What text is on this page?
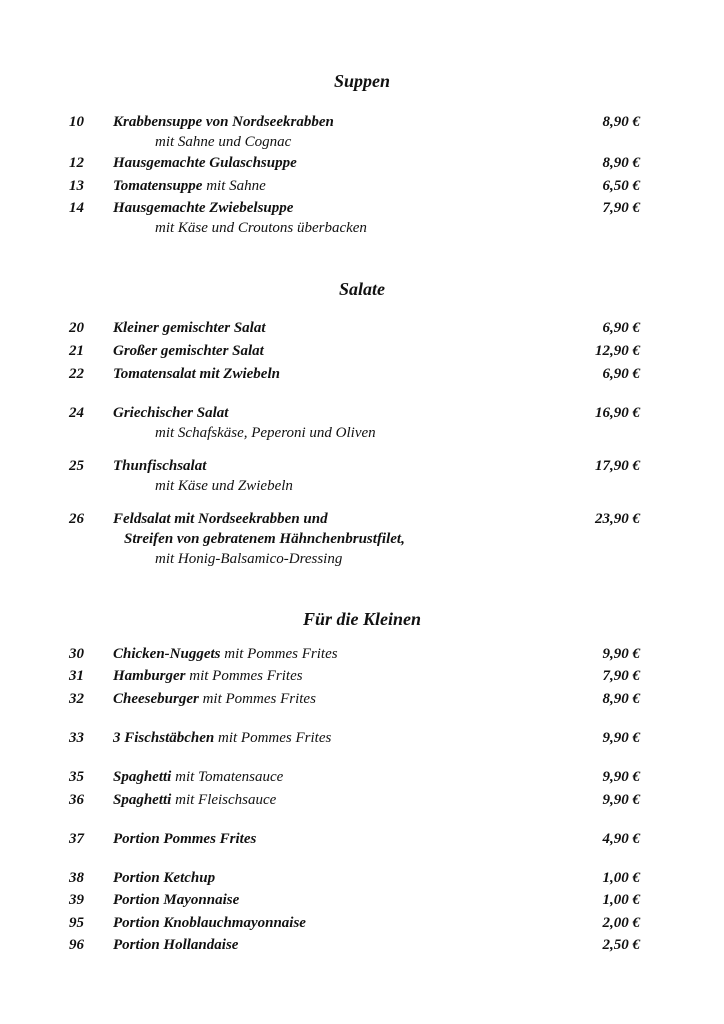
Suppen
10 Krabbensuppe von Nordseekrabben	8,90 €
mit Sahne und Cognac
12 Hausgemachte Gulaschsuppe	8,90 €
13 Tomatensuppe mit Sahne	6,50 €
14 Hausgemachte Zwiebelsuppe	7,90 €
mit Käse und Croutons überbacken
Salate
20 Kleiner gemischter Salat	6,90 €
21 Großer gemischter Salat	12,90 €
22 Tomatensalat mit Zwiebeln	6,90 €
24 Griechischer Salat	16,90 €
mit Schafskäse, Peperoni und Oliven
25 Thunfischsalat	17,90 €
mit Käse und Zwiebeln
26 Feldsalat mit Nordseekrabben und	23,90 €
Streifen von gebratenem Hähnchenbrustfilet,
mit Honig-Balsamico-Dressing
Für die Kleinen
30 Chicken-Nuggets mit Pommes Frites	9,90 €
31 Hamburger mit Pommes Frites	7,90 €
32 Cheeseburger mit Pommes Frites	8,90 €
33 3 Fischstäbchen mit Pommes Frites	9,90 €
35 Spaghetti mit Tomatensauce	9,90 €
36 Spaghetti mit Fleischsauce	9,90 €
37 Portion Pommes Frites	4,90 €
38 Portion Ketchup	1,00 €
39 Portion Mayonnaise	1,00 €
95 Portion Knoblauchmayonnaise	2,00 €
96 Portion Hollandaise	2,50 €
